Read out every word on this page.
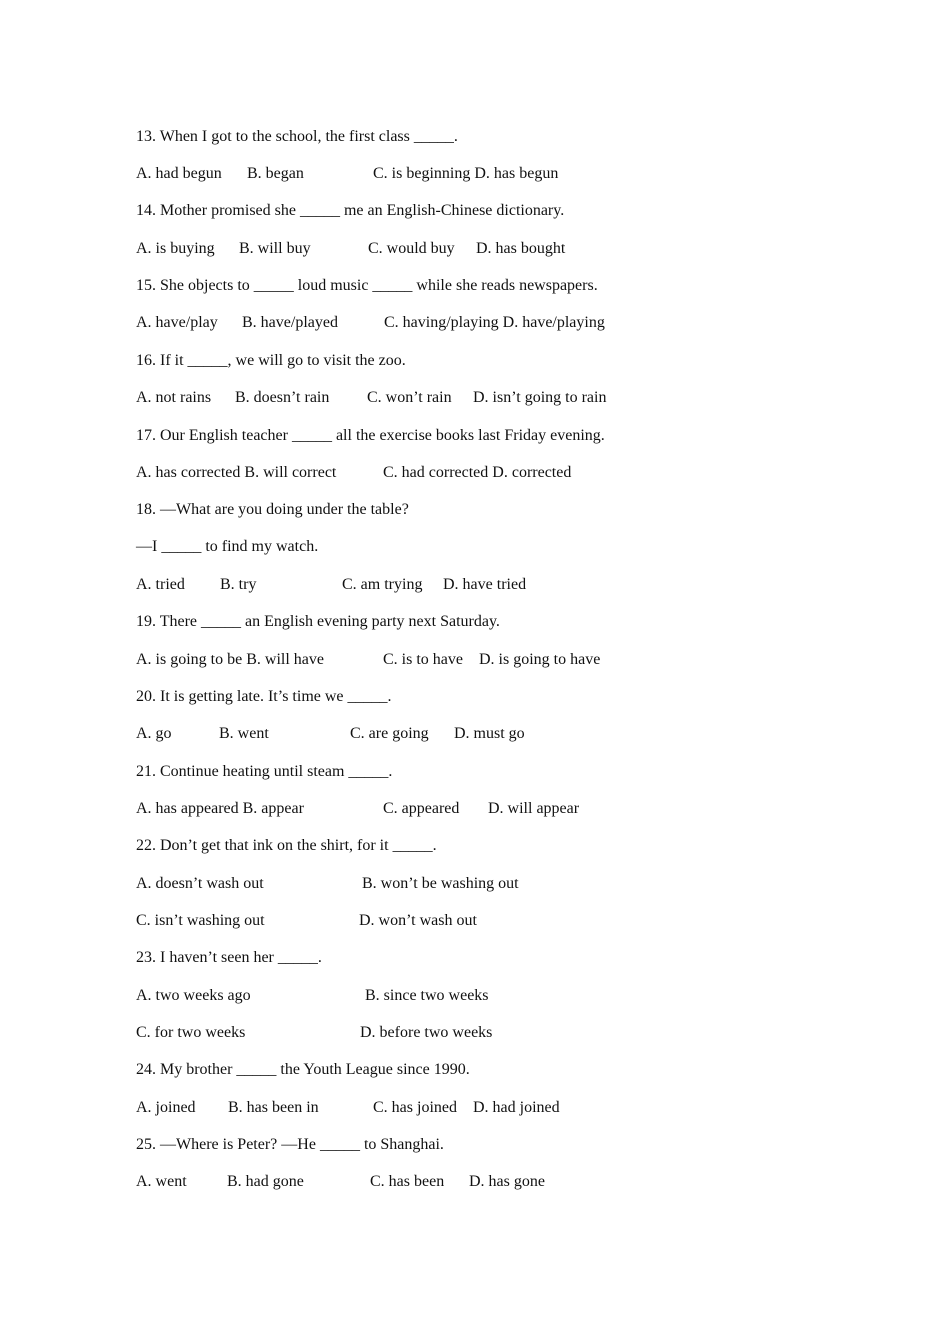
13. When I got to the school, the first class _____.

A. had begun

B. began

	C. is beginning D. has begun

14. Mother promised she _____ me an English-Chinese dictionary.

A. is buying

B. will buy

	C. would buy

D. has bought

15. She objects to _____ loud music _____ while she reads newspapers.

A. have/play

B. have/played

	C. having/playing D. have/playing

16. If it _____, we will go to visit the zoo.

A. not rains

B. doesn’t rain

C. won’t rain

D. isn’t going to rain

17. Our English teacher _____ all the exercise books last Friday evening.

A. has corrected B. will correct

	C. had corrected D. corrected

18. —What are you doing under the table?
—I _____ to find my watch.

A. tried

B. try

	C. am trying

D. have tried

19. There _____ an English evening party next Saturday.

A. is going to be B. will have

	C. is to have

D. is going to have

20. It is getting late. It’s time we _____.

A. go

	B. went

	C. are going

D. must go

21. Continue heating until steam _____.

A. has appeared B. appear

	C. appeared

D. will appear

22. Don’t get that ink on the shirt, for it _____.

A. doesn’t wash out

	B. won’t be washing out

C. isn’t washing out

	D. won’t wash out

23. I haven’t seen her _____.

A. two weeks ago

	B. since two weeks

C. for two weeks

	D. before two weeks

24. My brother _____ the Youth League since 1990.

A. joined

B. has been in

	C. has joined

D. had joined

25. —Where is Peter? —He _____ to Shanghai.

A. went

	B. had gone

	C. has been

D. has gone
